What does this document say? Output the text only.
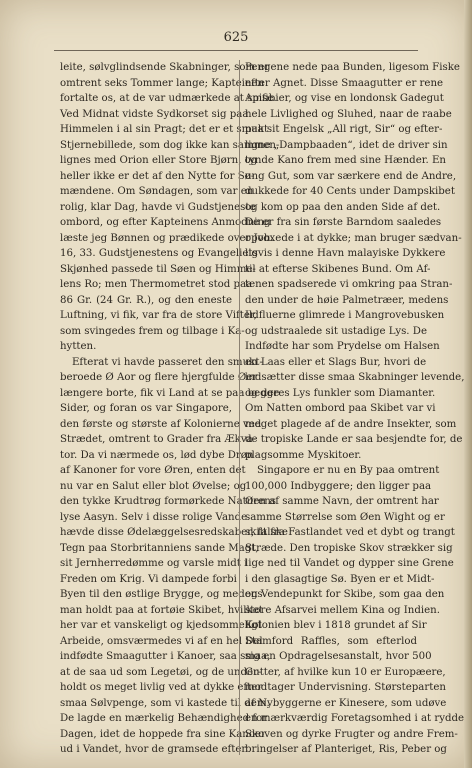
625
leite, sølvglindsende Skabninger, som er
omtrent seks Tommer lange; Kapteinen
fortalte os, at de var udmærkede at spise.
Ved Midnat vidste Sydkorset sig paa
Himmelen i al sin Pragt; det er et smukt
Stjernebillede, som dog ikke kan sammen-
lignes med Orion eller Store Bjørn, og
heller ikke er det af den Nytte for Sø-
mændene. Om Søndagen, som var en
rolig, klar Dag, havde vi Gudstjeneste
ombord, og efter Kapteinens Anmodning
læste jeg Bønnen og prædikede over Joh.
16, 33. Gudstjenestens og Evangeliets
Skjønhed passede til Søen og Himme-
lens Ro; men Thermometret stod paa
86 Gr. (24 Gr. R.), og den eneste
Luftning, vi fik, var fra de store Vifter,
som svingedes frem og tilbage i Ka-
hytten.
Efterat vi havde passeret den smukt-
beroede Ø Aor og flere hjergfulde Øer
længere borte, fik vi Land at se paa begge
Sider, og foran os var Singapore,
den første og største af Kolonierne ved
Strædet, omtrent to Grader fra Ækva-
tor. Da vi nærmede os, lød dybe Drøn
af Kanoner for vore Øren, enten det
nu var en Salut eller blot Øvelse; og
den tykke Krudtrøg formørkede Naturens
lyse Aasyn. Selv i disse rolige Vande
hævde disse Ødelæggelsesredskaber, falske
Tegn paa Storbritanniens sande Magt,
sit Jernherredømme og varsle midt i
Freden om Krig. Vi dampede forbi
Byen til den østlige Brygge, og medens
man holdt paa at fortøie Skibet, hvilket
her var et vanskeligt og kjedsommeligt
Arbeide, omsværmedes vi af en hel Del
indfødte Smaagutter i Kanoer, saa smaa,
at de saa ud som Legetøi, og de under-
holdt os meget livlig ved at dykke efter
smaa Sølvpenge, som vi kastede til dem.
De lagde en mærkelig Behændighed for
Dagen, idet de hoppede fra sine Kanoer
ud i Vandet, hvor de gramsede efter
Pengene nede paa Bunden, ligesom Fiske
efter Agnet. Disse Smaagutter er rene
Amfibier, og vise en londonsk Gadegut
hele Livlighed og Sluhed, naar de raabe
paa sit Engelsk „All rigt, Sir“ og efter-
ligne „Dampbaaden“, idet de driver sin
tynde Kano frem med sine Hænder. En
ung Gut, som var særkere end de Andre,
dukkede for 40 Cents under Dampskibet
og kom op paa den anden Side af det.
De er fra sin første Barndom saaledes
opvoxede i at dykke; man bruger sædvan-
ligvis i denne Havn malayiske Dykkere
til at efterse Skibenes Bund. Om Af-
tenen spadserede vi omkring paa Stran-
den under de høie Palmetræer, medens
Ildfluerne glimrede i Mangrovebusken
og udstraalede sit ustadige Lys. De
Indfødte har som Prydelse om Halsen
en Laas eller et Slags Bur, hvori de
indsætter disse smaa Skabninger levende,
og deres Lys funkler som Diamanter.
Om Natten ombord paa Skibet var vi
meget plagede af de andre Insekter, som
de tropiske Lande er saa besjendte for, de
plagsomme Myskitoer.
Singapore er nu en By paa omtrent
100,000 Indbyggere; den ligger paa
Øen af samme Navn, der omtrent har
samme Størrelse som Øen Wight og er
skilt fra Fastlandet ved et dybt og trangt
Stræde. Den tropiske Skov strækker sig
lige ned til Vandet og dypper sine Grene
i den glasagtige Sø. Byen er et Midt-
og Vendepunkt for Skibe, som gaa den
store Afsarvei mellem Kina og Indien.
Kolonien blev i 1818 grundet af Sir
Stamford Raffles, som efterlod
sig en Opdragelsesanstalt, hvor 500
Gutter, af hvilke kun 10 er Europæere,
modtager Undervisning. Størsteparten
af Nybyggerne er Kinesere, som udøve
en mærkværdig Foretagsomhed i at rydde
Skoven og dyrke Frugter og andre Frem-
bringelser af Planteriget, Ris, Peber og
